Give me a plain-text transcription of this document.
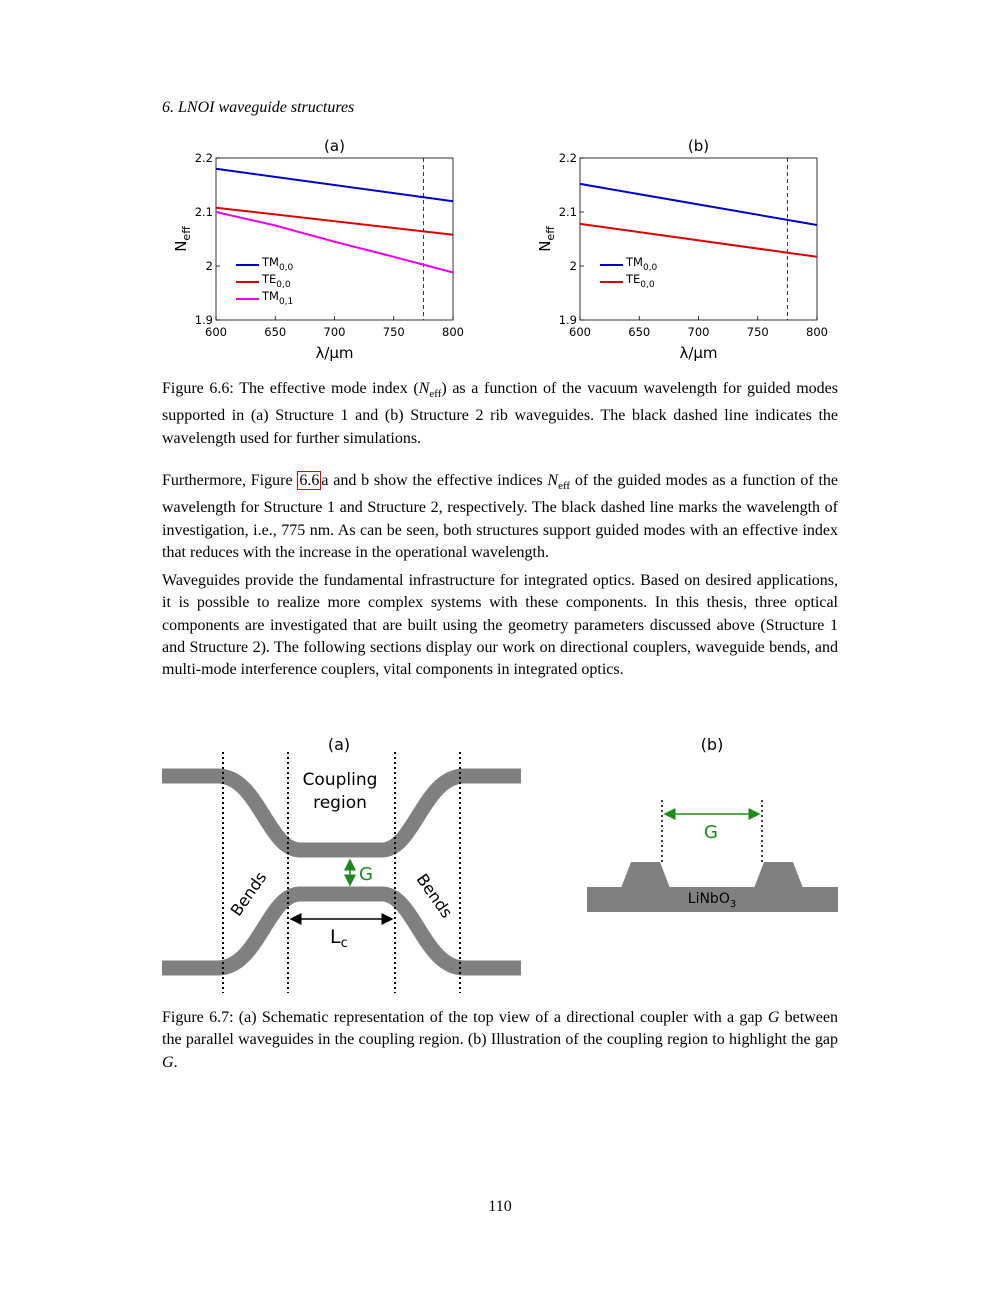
6. LNOI waveguide structures
(a)
600	650	700	750	800
1.9
2
2.1
2.2
λ/µm
$N_{eff}$
$TM_{0,0}$
$TE_{0,0}$
$TM_{0,1}$
(b)
600	650	700	750	800
1.9
2
2.1
2.2
λ/µm
$N_{eff}$
$TM_{0,0}$
$TE_{0,0}$
Figure 6.6: The effective mode index $(N_{eff})$ as a function of the vacuum wavelength for guided modes supported in (a) Structure 1 and (b) Structure 2 rib waveguides. The black dashed line indicates the wavelength used for further simulations.
Furthermore, Figure 6.6 a and b show the effective indices $N_{eff}$ of the guided modes as a function of the wavelength for Structure 1 and Structure 2, respectively. The black dashed line marks the wavelength of investigation, i.e., 775 nm. As can be seen, both structures support guided modes with an effective index that reduces with the increase in the operational wavelength.
Waveguides provide the fundamental infrastructure for integrated optics. Based on desired applications, it is possible to realize more complex systems with these components. In this thesis, three optical components are investigated that are built using the geometry parameters discussed above (Structure 1 and Structure 2). The following sections display our work on directional couplers, waveguide bends, and multi-mode interference couplers, vital components in integrated optics.
(a)	(b)
Coupling
region
G
Bends	Bends
$L_c$
G
LiNbO$_3$
Figure 6.7: (a) Schematic representation of the top view of a directional coupler with a gap G between the parallel waveguides in the coupling region. (b) Illustration of the coupling region to highlight the gap G.
110
